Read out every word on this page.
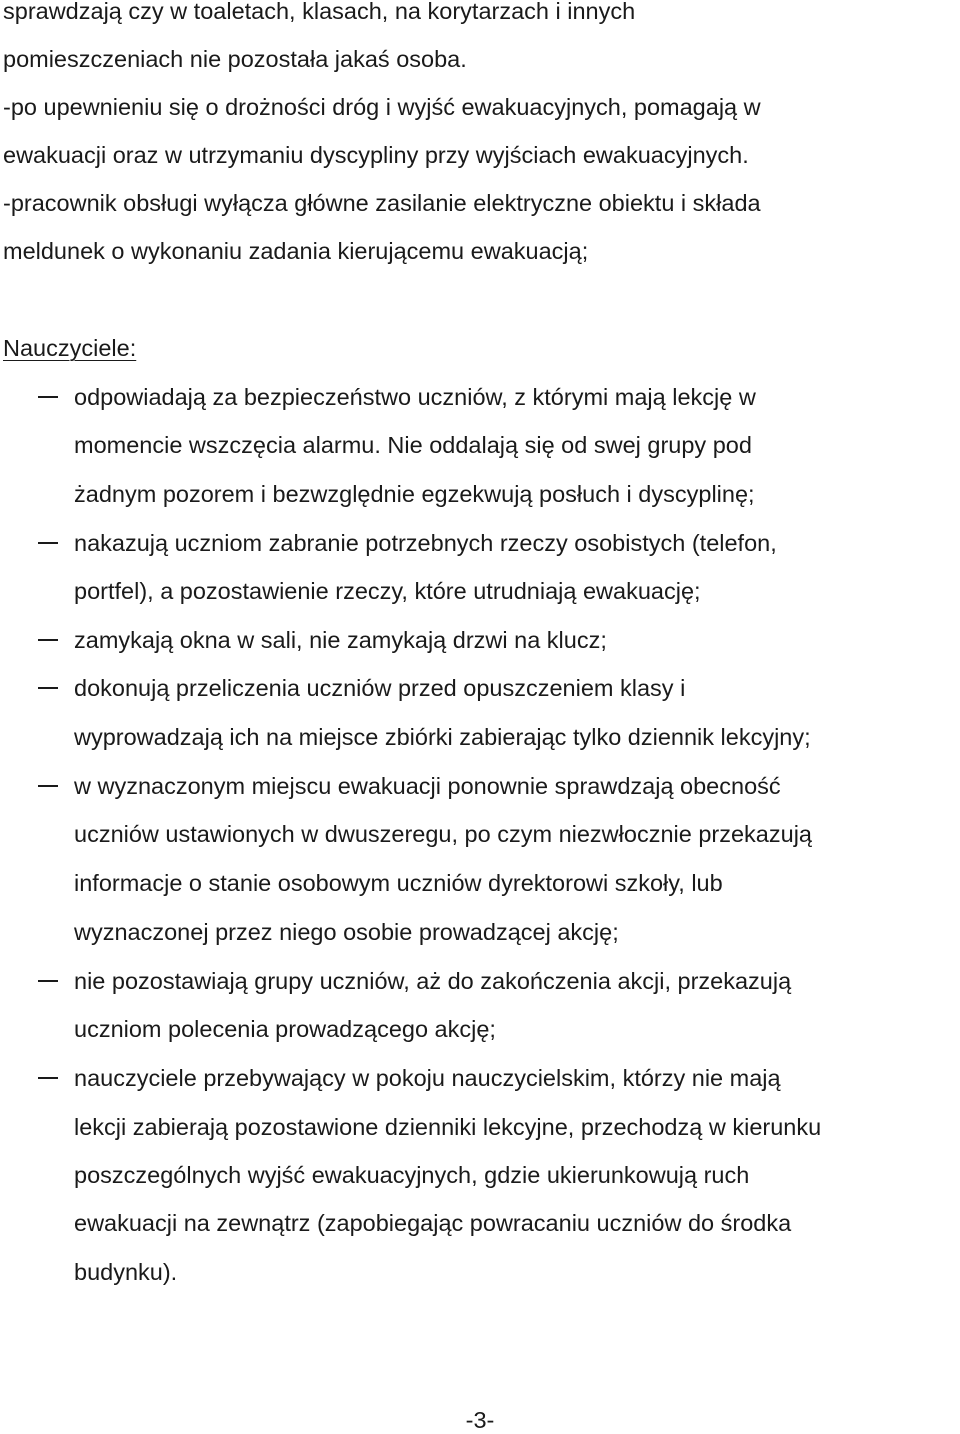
sprawdzają czy w toaletach, klasach, na korytarzach i innych
pomieszczeniach nie pozostała jakaś osoba.
-po upewnieniu się o drożności dróg i wyjść ewakuacyjnych, pomagają w
ewakuacji oraz w utrzymaniu dyscypliny przy wyjściach ewakuacyjnych.
-pracownik obsługi wyłącza główne zasilanie elektryczne obiektu i składa
meldunek o wykonaniu zadania kierującemu ewakuacją;
Nauczyciele:
odpowiadają za bezpieczeństwo uczniów, z którymi mają lekcję w
momencie wszczęcia alarmu. Nie oddalają się od swej grupy pod
żadnym pozorem i bezwzględnie egzekwują posłuch i dyscyplinę;
nakazują uczniom zabranie potrzebnych rzeczy osobistych (telefon,
portfel), a pozostawienie rzeczy, które utrudniają ewakuację;
zamykają okna w sali, nie zamykają drzwi na klucz;
dokonują przeliczenia uczniów przed opuszczeniem klasy i
wyprowadzają ich na miejsce zbiórki zabierając tylko dziennik lekcyjny;
w wyznaczonym miejscu ewakuacji ponownie sprawdzają obecność
uczniów ustawionych w dwuszeregu, po czym niezwłocznie przekazują
informacje o stanie osobowym uczniów dyrektorowi szkoły, lub
wyznaczonej przez niego osobie prowadzącej akcję;
nie pozostawiają grupy uczniów, aż do zakończenia akcji, przekazują
uczniom polecenia prowadzącego akcję;
nauczyciele przebywający w pokoju nauczycielskim, którzy nie mają
lekcji zabierają pozostawione dzienniki lekcyjne, przechodzą w kierunku
poszczególnych wyjść ewakuacyjnych, gdzie ukierunkowują ruch
ewakuacji na zewnątrz (zapobiegając powracaniu uczniów do środka
budynku).
-3-
